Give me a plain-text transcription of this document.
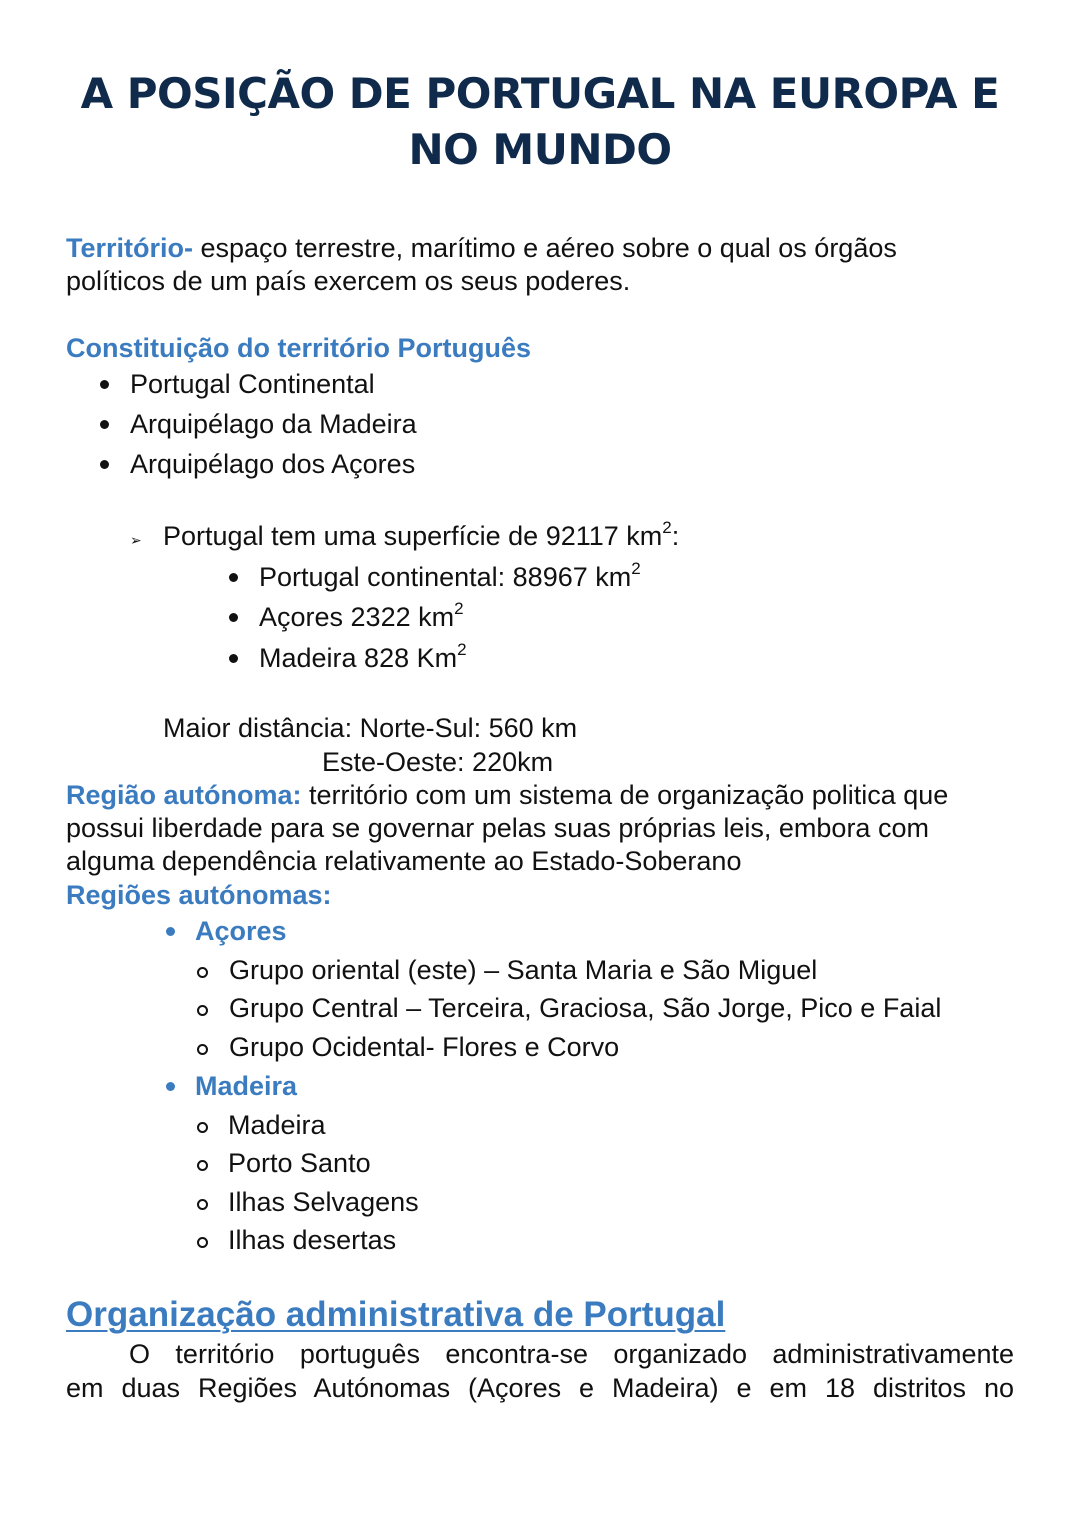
A POSIÇÃO DE PORTUGAL NA EUROPA E
NO MUNDO

Território- espaço terrestre, marítimo e aéreo sobre o qual os órgãos
políticos de um país exercem os seus poderes.

Constituição do território Português

Portugal Continental
Arquipélago da Madeira
Arquipélago dos Açores
➢ Portugal tem uma superfície de 92117 $km^2$:
Portugal continental: 88967 $km^2$
Açores 2322 $km^2$
Madeira 828 Km$^2$
Maior distância: Norte-Sul: 560 km
Este-Oeste: 220km

Região autónoma: território com um sistema de organização politica que
possui liberdade para se governar pelas suas próprias leis, embora com
alguma dependência relativamente ao Estado-Soberano

Regiões autónomas:

Açores
Grupo oriental (este) – Santa Maria e São Miguel
Grupo Central – Terceira, Graciosa, São Jorge, Pico e Faial
Grupo Ocidental- Flores e Corvo
Madeira
Madeira
Porto Santo
Ilhas Selvagens
Ilhas desertas
Organização administrativa de Portugal

O território português encontra-se organizado administrativamente

em duas Regiões Autónomas (Açores e Madeira) e em 18 distritos no
